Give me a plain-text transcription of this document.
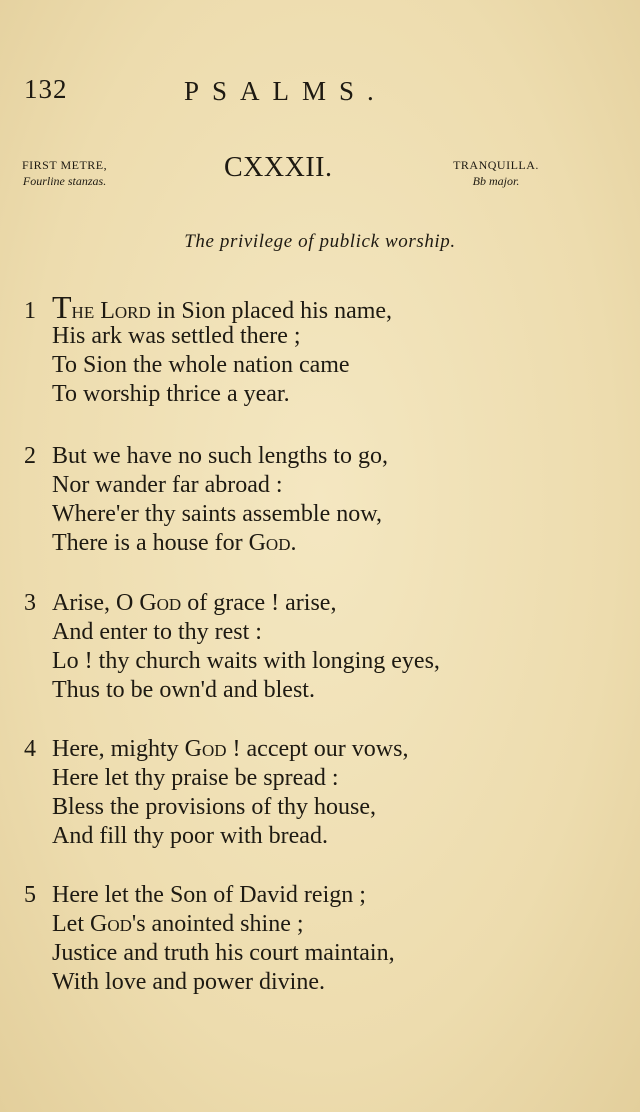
132	PSALMS.
FIRST METRE,
Fourline stanzas.	CXXXII.	TRANQUILLA.
Bb major.
The privilege of publick worship.
1 The Lord in Sion placed his name,
His ark was settled there ;
To Sion the whole nation came
To worship thrice a year.
2 But we have no such lengths to go,
Nor wander far abroad :
Where'er thy saints assemble now,
There is a house for God.
3 Arise, O God of grace ! arise,
And enter to thy rest :
Lo ! thy church waits with longing eyes,
Thus to be own'd and blest.
4 Here, mighty God ! accept our vows,
Here let thy praise be spread :
Bless the provisions of thy house,
And fill thy poor with bread.
5 Here let the Son of David reign ;
Let God's anointed shine ;
Justice and truth his court maintain,
With love and power divine.
